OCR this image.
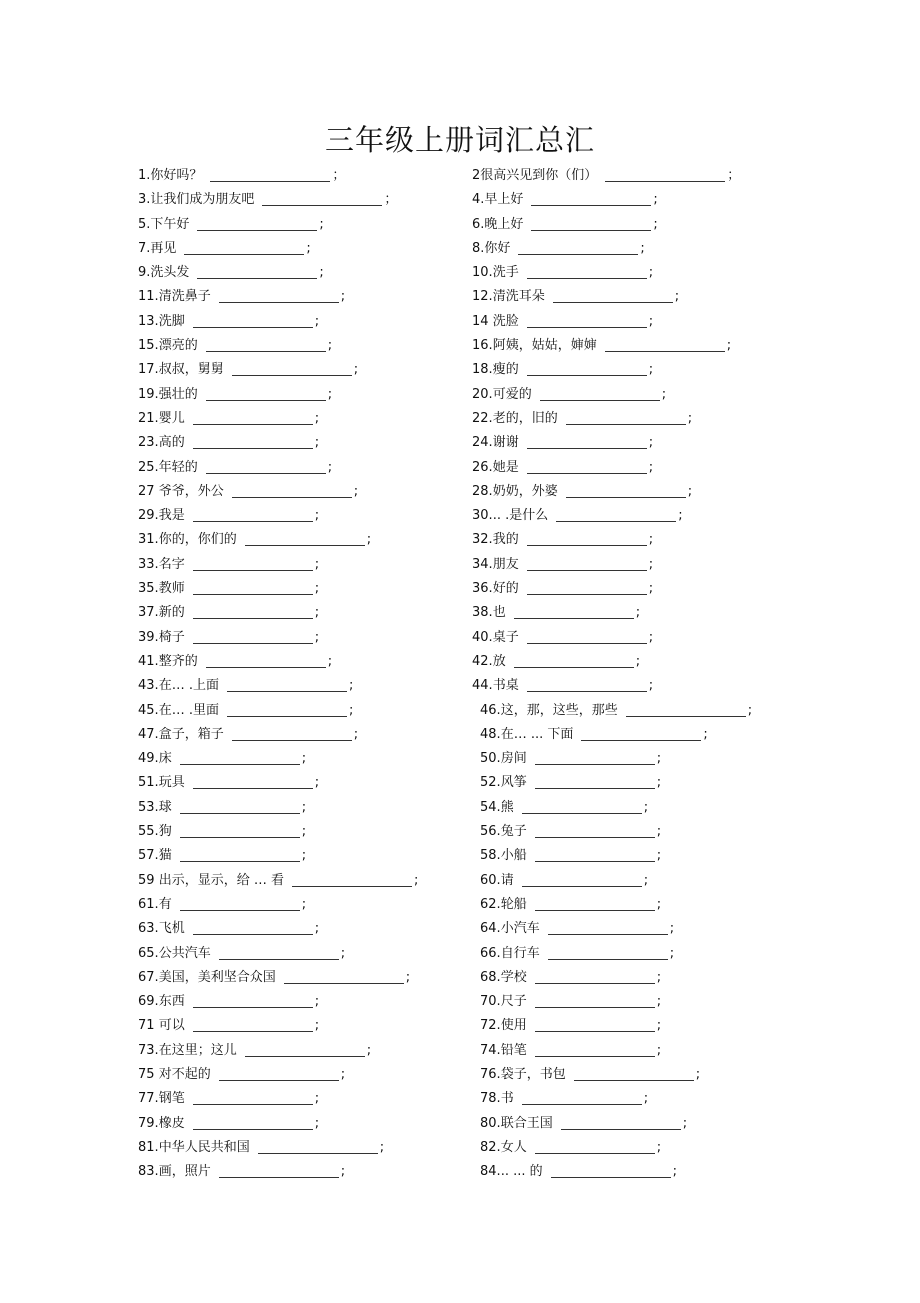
三年级上册词汇总汇
1.你好吗？	；	2很高兴见到你（们）	；
3.让我们成为朋友吧	；	4.早上好	;
5.下午好	;	6.晚上好	;
7.再见	;	8.你好	;
9.洗头发	;	10.洗手	;
11.清洗鼻子	;	12.清洗耳朵	;
13.洗脚	;	14 洗脸	;
15.漂亮的	;	16.阿姨，姑姑，婶婶	;
17.叔叔，舅舅	;	18.瘦的	;
19.强壮的	;	20.可爱的	;
21.婴儿	;	22.老的，旧的	;
23.高的	;	24.谢谢	;
25.年轻的	;	26.她是	;
27 爷爷，外公	;	28.奶奶，外婆	;
29.我是	;	30... .是什么	;
31.你的，你们的	;	32.我的	;
33.名字	;	34.朋友	;
35.教师	;	36.好的	;
37.新的	;	38.也	;
39.椅子	;	40.桌子	;
41.整齐的	;	42.放	;
43.在… .上面	;	44.书桌	;
45.在… .里面	;	46.这，那，这些，那些	;
47.盒子，箱子	;	48.在… ... 下面	;
49.床	;	50.房间	;
51.玩具	;	52.风筝	;
53.球	;	54.熊	;
55.狗	;	56.兔子	;
57.猫	;	58.小船	;
59 出示，显示，给 … 看	;	60.请	;
61.有	;	62.轮船	;
63.飞机	;	64.小汽车	;
65.公共汽车	;	66.自行车	;
67.美国，美利坚合众国	;	68.学校	;
69.东西	;	70.尺子	;
71 可以	;	72.使用	;
73.在这里；这儿	;	74.铅笔	;
75 对不起的	;	76.袋子，书包	;
77.钢笔	;	78.书	;
79.橡皮	;	80.联合王国	;
81.中华人民共和国	;	82.女人	;
83.画，照片	;	84... ... 的	;
